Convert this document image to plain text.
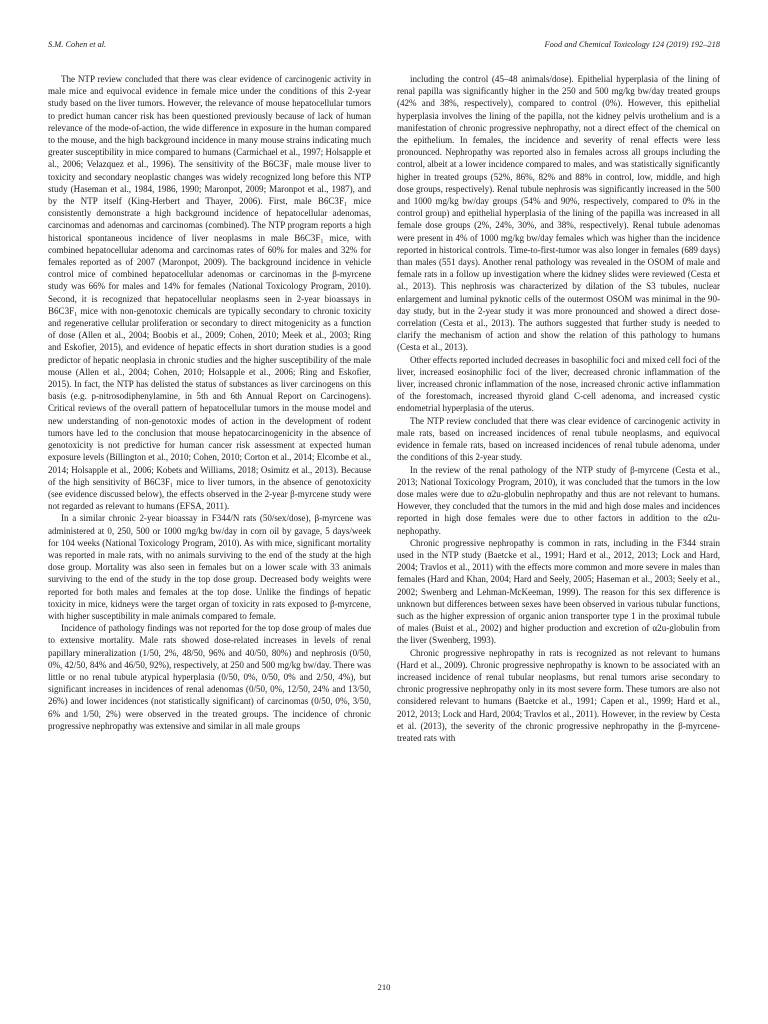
S.M. Cohen et al.	Food and Chemical Toxicology 124 (2019) 192–218

The NTP review concluded that there was clear evidence of carcinogenic activity in male mice and equivocal evidence in female mice under the conditions of this 2-year study based on the liver tumors. However, the relevance of mouse hepatocellular tumors to predict human cancer risk has been questioned previously because of lack of human relevance of the mode-of-action, the wide difference in exposure in the human compared to the mouse, and the high background incidence in many mouse strains indicating much greater susceptibility in mice compared to humans (Carmichael et al., 1997; Holsapple et al., 2006; Velazquez et al., 1996). The sensitivity of the B6C3F₁ male mouse liver to toxicity and secondary neoplastic changes was widely recognized long before this NTP study (Haseman et al., 1984, 1986, 1990; Maronpot, 2009; Maronpot et al., 1987), and by the NTP itself (King-Herbert and Thayer, 2006). First, male B6C3F₁ mice consistently demonstrate a high background incidence of hepatocellular adenomas, carcinomas and adenomas and carcinomas (combined). The NTP program reports a high historical spontaneous incidence of liver neoplasms in male B6C3F₁ mice, with combined hepatocellular adenoma and carcinomas rates of 60% for males and 32% for females reported as of 2007 (Maronpot, 2009). The background incidence in vehicle control mice of combined hepatocellular adenomas or carcinomas in the β-myrcene study was 66% for males and 14% for females (National Toxicology Program, 2010). Second, it is recognized that hepatocellular neoplasms seen in 2-year bioassays in B6C3F₁ mice with non-genotoxic chemicals are typically secondary to chronic toxicity and regenerative cellular proliferation or secondary to direct mitogenicity as a function of dose (Allen et al., 2004; Boobis et al., 2009; Cohen, 2010; Meek et al., 2003; Ring and Eskofier, 2015), and evidence of hepatic effects in short duration studies is a good predictor of hepatic neoplasia in chronic studies and the higher susceptibility of the male mouse (Allen et al., 2004; Cohen, 2010; Holsapple et al., 2006; Ring and Eskofier, 2015). In fact, the NTP has delisted the status of substances as liver carcinogens on this basis (e.g. p-nitrosodiphenylamine, in 5th and 6th Annual Report on Carcinogens). Critical reviews of the overall pattern of hepatocellular tumors in the mouse model and new understanding of non-genotoxic modes of action in the development of rodent tumors have led to the conclusion that mouse hepatocarcinogenicity in the absence of genotoxicity is not predictive for human cancer risk assessment at expected human exposure levels (Billington et al., 2010; Cohen, 2010; Corton et al., 2014; Elcombe et al., 2014; Holsapple et al., 2006; Kobets and Williams, 2018; Osimitz et al., 2013). Because of the high sensitivity of B6C3F₁ mice to liver tumors, in the absence of genotoxicity (see evidence discussed below), the effects observed in the 2-year β-myrcene study were not regarded as relevant to humans (EFSA, 2011).

In a similar chronic 2-year bioassay in F344/N rats (50/sex/dose), β-myrcene was administered at 0, 250, 500 or 1000 mg/kg bw/day in corn oil by gavage, 5 days/week for 104 weeks (National Toxicology Program, 2010). As with mice, significant mortality was reported in male rats, with no animals surviving to the end of the study at the high dose group. Mortality was also seen in females but on a lower scale with 33 animals surviving to the end of the study in the top dose group. Decreased body weights were reported for both males and females at the top dose. Unlike the findings of hepatic toxicity in mice, kidneys were the target organ of toxicity in rats exposed to β-myrcene, with higher susceptibility in male animals compared to female.

Incidence of pathology findings was not reported for the top dose group of males due to extensive mortality. Male rats showed dose-related increases in levels of renal papillary mineralization (1/50, 2%, 48/50, 96% and 40/50, 80%) and nephrosis (0/50, 0%, 42/50, 84% and 46/50, 92%), respectively, at 250 and 500 mg/kg bw/day. There was little or no renal tubule atypical hyperplasia (0/50, 0%, 0/50, 0% and 2/50, 4%), but significant increases in incidences of renal adenomas (0/50, 0%, 12/50, 24% and 13/50, 26%) and lower incidences (not statistically significant) of carcinomas (0/50, 0%, 3/50, 6% and 1/50, 2%) were observed in the treated groups. The incidence of chronic progressive nephropathy was extensive and similar in all male groups

including the control (45–48 animals/dose). Epithelial hyperplasia of the lining of renal papilla was significantly higher in the 250 and 500 mg/kg bw/day treated groups (42% and 38%, respectively), compared to control (0%). However, this epithelial hyperplasia involves the lining of the papilla, not the kidney pelvis urothelium and is a manifestation of chronic progressive nephropathy, not a direct effect of the chemical on the epithelium. In females, the incidence and severity of renal effects were less pronounced. Nephropathy was reported also in females across all groups including the control, albeit at a lower incidence compared to males, and was statistically significantly higher in treated groups (52%, 86%, 82% and 88% in control, low, middle, and high dose groups, respectively). Renal tubule nephrosis was significantly increased in the 500 and 1000 mg/kg bw/day groups (54% and 90%, respectively, compared to 0% in the control group) and epithelial hyperplasia of the lining of the papilla was increased in all female dose groups (2%, 24%, 30%, and 38%, respectively). Renal tubule adenomas were present in 4% of 1000 mg/kg bw/day females which was higher than the incidence reported in historical controls. Time-to-first-tumor was also longer in females (689 days) than males (551 days). Another renal pathology was revealed in the OSOM of male and female rats in a follow up investigation where the kidney slides were reviewed (Cesta et al., 2013). This nephrosis was characterized by dilation of the S3 tubules, nuclear enlargement and luminal pyknotic cells of the outermost OSOM was minimal in the 90-day study, but in the 2-year study it was more pronounced and showed a direct dose-correlation (Cesta et al., 2013). The authors suggested that further study is needed to clarify the mechanism of action and show the relation of this pathology to humans (Cesta et al., 2013).

Other effects reported included decreases in basophilic foci and mixed cell foci of the liver, increased eosinophilic foci of the liver, decreased chronic inflammation of the liver, increased chronic inflammation of the nose, increased chronic active inflammation of the forestomach, increased thyroid gland C-cell adenoma, and increased cystic endometrial hyperplasia of the uterus.

The NTP review concluded that there was clear evidence of carcinogenic activity in male rats, based on increased incidences of renal tubule neoplasms, and equivocal evidence in female rats, based on increased incidences of renal tubule adenoma, under the conditions of this 2-year study.

In the review of the renal pathology of the NTP study of β-myrcene (Cesta et al., 2013; National Toxicology Program, 2010), it was concluded that the tumors in the low dose males were due to α2u-globulin nephropathy and thus are not relevant to humans. However, they concluded that the tumors in the mid and high dose males and incidences reported in high dose females were due to other factors in addition to the α2u-nephopathy.

Chronic progressive nephropathy is common in rats, including in the F344 strain used in the NTP study (Baetcke et al., 1991; Hard et al., 2012, 2013; Lock and Hard, 2004; Travlos et al., 2011) with the effects more common and more severe in males than females (Hard and Khan, 2004; Hard and Seely, 2005; Haseman et al., 2003; Seely et al., 2002; Swenberg and Lehman-McKeeman, 1999). The reason for this sex difference is unknown but differences between sexes have been observed in various tubular functions, such as the higher expression of organic anion transporter type 1 in the proximal tubule of males (Buist et al., 2002) and higher production and excretion of α2u-globulin from the liver (Swenberg, 1993).

Chronic progressive nephropathy in rats is recognized as not relevant to humans (Hard et al., 2009). Chronic progressive nephropathy is known to be associated with an increased incidence of renal tubular neoplasms, but renal tumors arise secondary to chronic progressive nephropathy only in its most severe form. These tumors are also not considered relevant to humans (Baetcke et al., 1991; Capen et al., 1999; Hard et al., 2012, 2013; Lock and Hard, 2004; Travlos et al., 2011). However, in the review by Cesta et al. (2013), the severity of the chronic progressive nephropathy in the β-myrcene-treated rats with

210
